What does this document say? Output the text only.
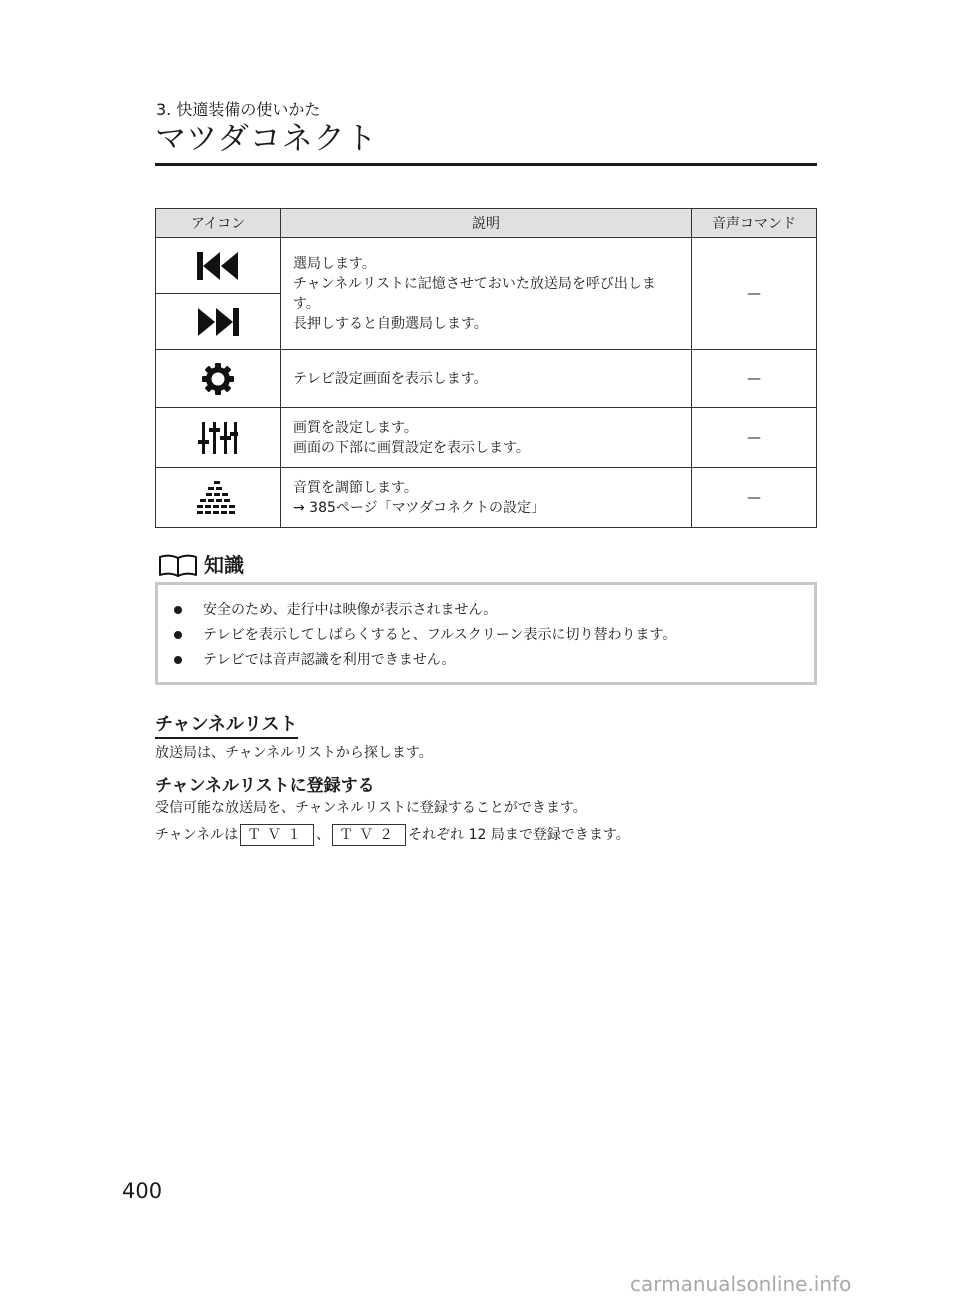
3. 快適装備の使いかた
マツダコネクト
アイコン	説明	音声コマンド

選局します。
チャンネルリストに記憶させておいた放送局を呼び出します。
長押しすると自動選局します。	—

テレビ設定画面を表示します。	—

画質を設定します。
画面の下部に画質設定を表示します。	—

音質を調節します。
→ 385ページ「マツダコネクトの設定」	—
知識
安全のため、走行中は映像が表示されません。
テレビを表示してしばらくすると、フルスクリーン表示に切り替わります。
テレビでは音声認識を利用できません。
チャンネルリスト
放送局は、チャンネルリストから探します。
チャンネルリストに登録する
受信可能な放送局を、チャンネルリストに登録することができます。
チャンネルは ＴＶ１ 、 ＴＶ２ それぞれ 12 局まで登録できます。
400
carmanualsonline.info
